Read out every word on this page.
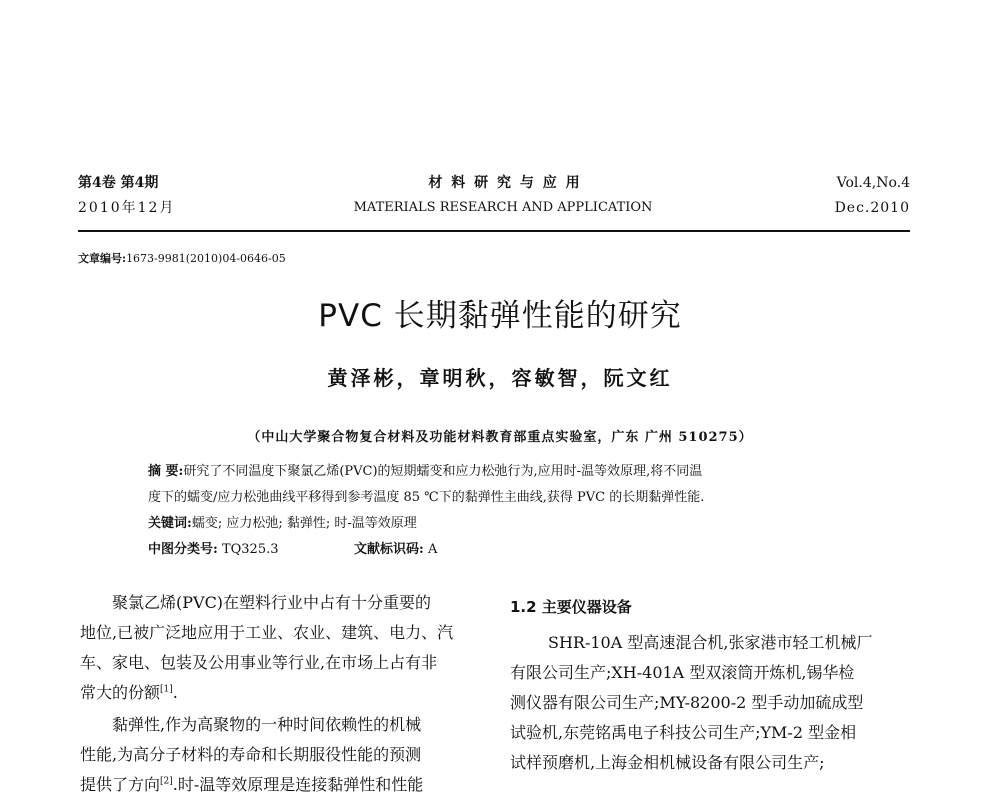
第4卷 第4期
2010年12月
材 料 研 究 与 应 用
MATERIALS RESEARCH AND APPLICATION
Vol.4,No.4
Dec.2010
文章编号:1673-9981(2010)04-0646-05
PVC 长期黏弹性能的研究
黄泽彬，章明秋，容敏智，阮文红
（中山大学聚合物复合材料及功能材料教育部重点实验室，广东 广州 510275）
摘 要:研究了不同温度下聚氯乙烯(PVC)的短期蠕变和应力松弛行为,应用时-温等效原理,将不同温
度下的蠕变/应力松弛曲线平移得到参考温度 85 ℃下的黏弹性主曲线,获得 PVC 的长期黏弹性能.
关键词:蠕变; 应力松弛; 黏弹性; 时-温等效原理
中图分类号: TQ325.3	文献标识码: A
聚氯乙烯(PVC)在塑料行业中占有十分重要的
地位,已被广泛地应用于工业、农业、建筑、电力、汽
车、家电、包装及公用事业等行业,在市场上占有非
常大的份额[1].
黏弹性,作为高聚物的一种时间依赖性的机械
性能,为高分子材料的寿命和长期服役性能的预测
提供了方向[2].时-温等效原理是连接黏弹性和性能
1.2 主要仪器设备
SHR-10A 型高速混合机,张家港市轻工机械厂
有限公司生产;XH-401A 型双滚筒开炼机,锡华检
测仪器有限公司生产;MY-8200-2 型手动加硫成型
试验机,东莞铭禹电子科技公司生产;YM-2 型金相
试样预磨机,上海金相机械设备有限公司生产;
